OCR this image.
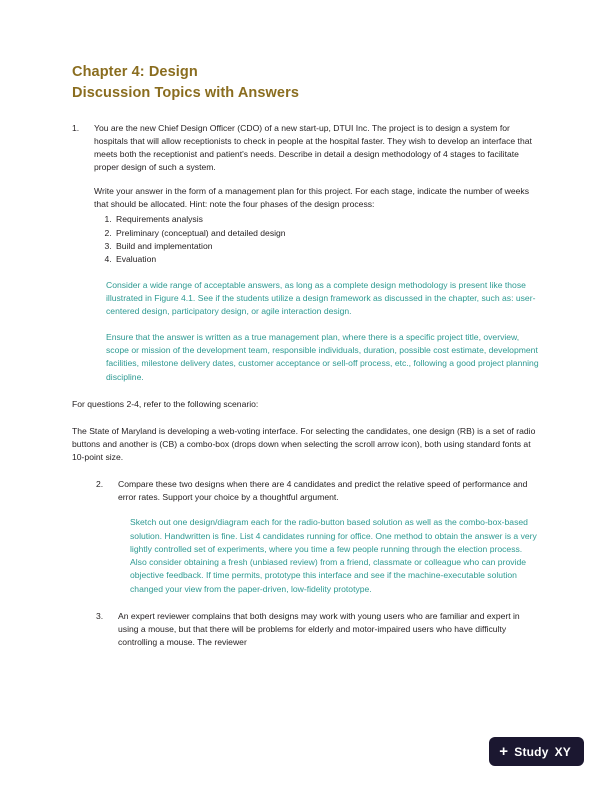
Chapter 4: Design
Discussion Topics with Answers
1.	You are the new Chief Design Officer (CDO) of a new start-up, DTUI Inc. The project is to design a system for hospitals that will allow receptionists to check in people at the hospital faster. They wish to develop an interface that meets both the receptionist and patient's needs. Describe in detail a design methodology of 4 stages to facilitate proper design of such a system.

Write your answer in the form of a management plan for this project. For each stage, indicate the number of weeks that should be allocated. Hint: note the four phases of the design process:

1. Requirements analysis
2. Preliminary (conceptual) and detailed design
3. Build and implementation
4. Evaluation

Consider a wide range of acceptable answers, as long as a complete design methodology is present like those illustrated in Figure 4.1. See if the students utilize a design framework as discussed in the chapter, such as: user-centered design, participatory design, or agile interaction design.

Ensure that the answer is written as a true management plan, where there is a specific project title, overview, scope or mission of the development team, responsible individuals, duration, possible cost estimate, development facilities, milestone delivery dates, customer acceptance or sell-off process, etc., following a good project planning discipline.

For questions 2-4, refer to the following scenario:

The State of Maryland is developing a web-voting interface. For selecting the candidates, one design (RB) is a set of radio buttons and another is (CB) a combo-box (drops down when selecting the scroll arrow icon), both using standard fonts at 10-point size.

2.	Compare these two designs when there are 4 candidates and predict the relative speed of performance and error rates. Support your choice by a thoughtful argument.

Sketch out one design/diagram each for the radio-button based solution as well as the combo-box-based solution. Handwritten is fine. List 4 candidates running for office. One method to obtain the answer is a very lightly controlled set of experiments, where you time a few people running through the election process. Also consider obtaining a fresh (unbiased review) from a friend, classmate or colleague who can provide objective feedback. If time permits, prototype this interface and see if the machine-executable solution changed your view from the paper-driven, low-fidelity prototype.

3.	An expert reviewer complains that both designs may work with young users who are familiar and expert in using a mouse, but that there will be problems for elderly and motor-impaired users who have difficulty controlling a mouse. The reviewer

+ Study XY
